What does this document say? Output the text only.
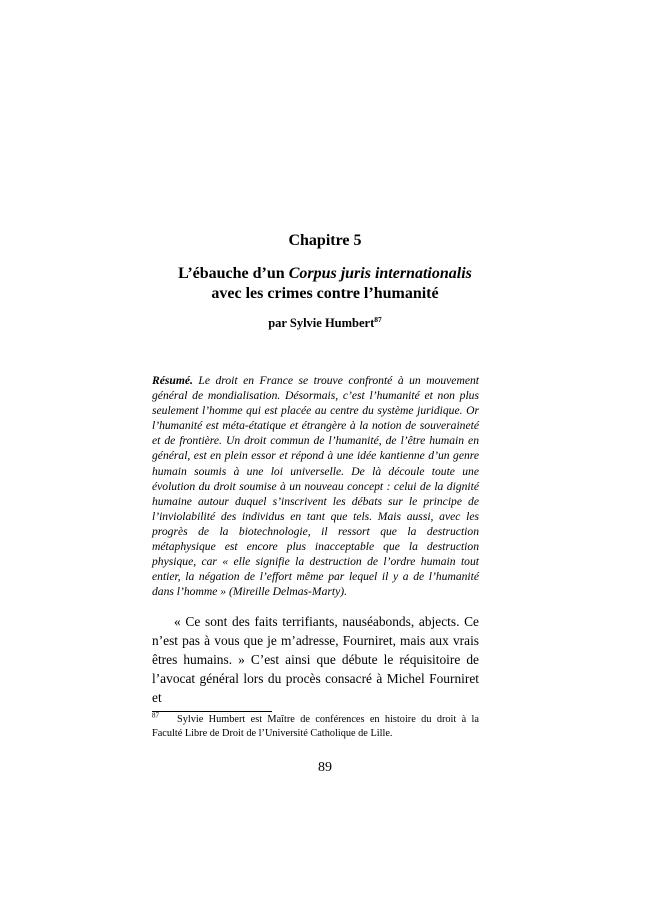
Chapitre 5
L’ébauche d’un Corpus juris internationalis
avec les crimes contre l’humanité
par Sylvie Humbert$^{87}$
Résumé. Le droit en France se trouve confronté à un mouvement général de mondialisation. Désormais, c’est l’humanité et non plus seulement l’homme qui est placée au centre du système juridique. Or l’humanité est méta-étatique et étrangère à la notion de souveraineté et de frontière. Un droit commun de l’humanité, de l’être humain en général, est en plein essor et répond à une idée kantienne d’un genre humain soumis à une loi universelle. De là découle toute une évolution du droit soumise à un nouveau concept : celui de la dignité humaine autour duquel s’inscrivent les débats sur le principe de l’inviolabilité des individus en tant que tels. Mais aussi, avec les progrès de la biotechnologie, il ressort que la destruction métaphysique est encore plus inacceptable que la destruction physique, car « elle signifie la destruction de l’ordre humain tout entier, la négation de l’effort même par lequel il y a de l’humanité dans l’homme » (Mireille Delmas-Marty).

« Ce sont des faits terrifiants, nauséabonds, abjects. Ce n’est pas à vous que je m’adresse, Fourniret, mais aux vrais êtres humains. » C’est ainsi que débute le réquisitoire de l’avocat général lors du procès consacré à Michel Fourniret et

$^{87}$ Sylvie Humbert est Maître de conférences en histoire du droit à la Faculté Libre de Droit de l’Université Catholique de Lille.
89
